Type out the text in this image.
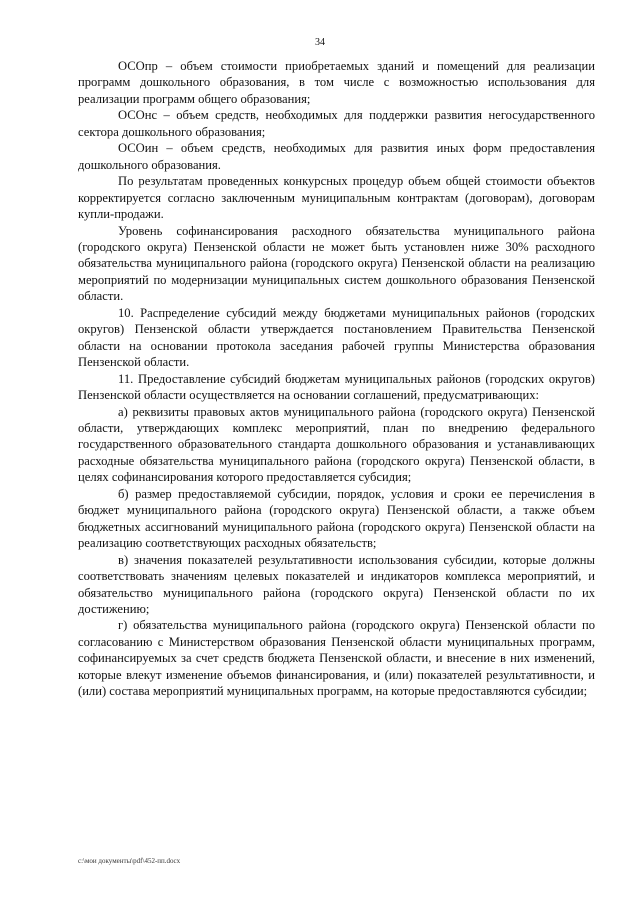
34

ОСОпр – объем стоимости приобретаемых зданий и помещений для реализации программ дошкольного образования, в том числе с возможностью использования для реализации программ общего образования;

ОСОнс – объем средств, необходимых для поддержки развития негосударственного сектора дошкольного образования;

ОСОин – объем средств, необходимых для развития иных форм предоставления дошкольного образования.

По результатам проведенных конкурсных процедур объем общей стоимости объектов корректируется согласно заключенным муниципальным контрактам (договорам), договорам купли-продажи.

Уровень софинансирования расходного обязательства муниципального района (городского округа) Пензенской области не может быть установлен ниже 30% расходного обязательства муниципального района (городского округа) Пензенской области на реализацию мероприятий по модернизации муниципальных систем дошкольного образования Пензенской области.

10. Распределение субсидий между бюджетами муниципальных районов (городских округов) Пензенской области утверждается постановлением Правительства Пензенской области на основании протокола заседания рабочей группы Министерства образования Пензенской области.

11. Предоставление субсидий бюджетам муниципальных районов (городских округов) Пензенской области осуществляется на основании соглашений, предусматривающих:

а) реквизиты правовых актов муниципального района (городского округа) Пензенской области, утверждающих комплекс мероприятий, план по внедрению федерального государственного образовательного стандарта дошкольного образования и устанавливающих расходные обязательства муниципального района (городского округа) Пензенской области, в целях софинансирования которого предоставляется субсидия;

б) размер предоставляемой субсидии, порядок, условия и сроки ее перечисления в бюджет муниципального района (городского округа) Пензенской области, а также объем бюджетных ассигнований муниципального района (городского округа) Пензенской области на реализацию соответствующих расходных обязательств;

в) значения показателей результативности использования субсидии, которые должны соответствовать значениям целевых показателей и индикаторов комплекса мероприятий, и обязательство муниципального района (городского округа) Пензенской области по их достижению;

г) обязательства муниципального района (городского округа) Пензенской области по согласованию с Министерством образования Пензенской области муниципальных программ, софинансируемых за счет средств бюджета Пензенской области, и внесение в них изменений, которые влекут изменение объемов финансирования, и (или) показателей результативности, и (или) состава мероприятий муниципальных программ, на которые предоставляются субсидии;

c:\мои документы\pdf\452-пп.docx
